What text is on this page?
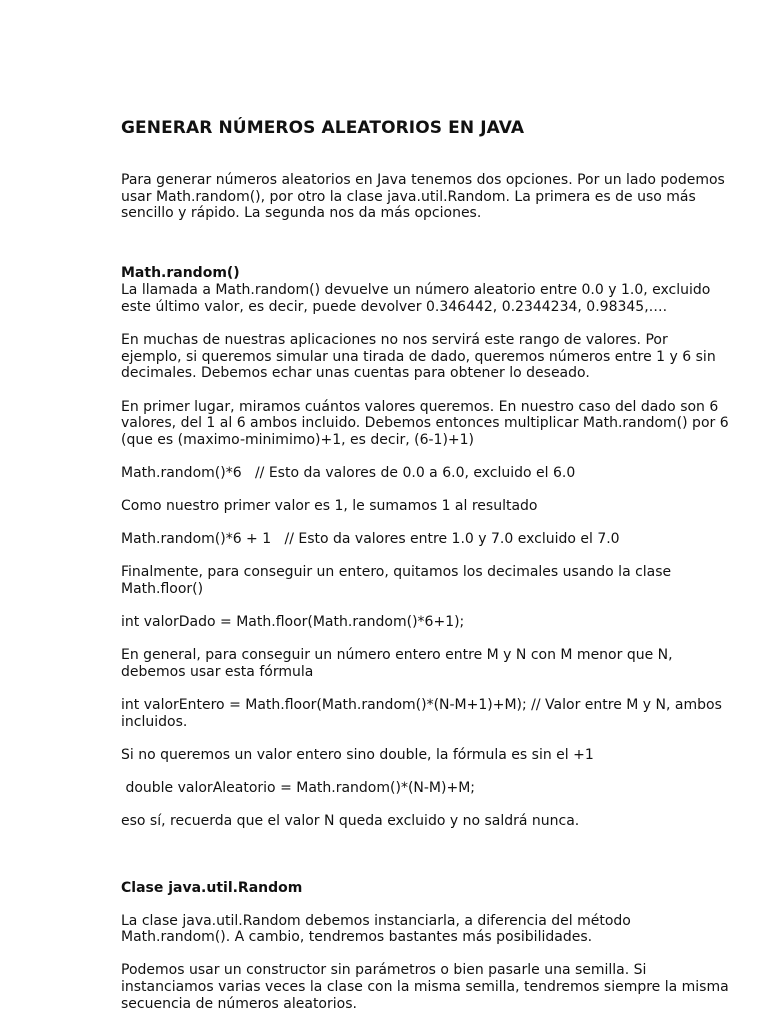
GENERAR NÚMEROS ALEATORIOS EN JAVA

Para generar números aleatorios en Java tenemos dos opciones. Por un lado podemos usar Math.random(), por otro la clase java.util.Random. La primera es de uso más sencillo y rápido. La segunda nos da más opciones.

Math.random()

La llamada a Math.random() devuelve un número aleatorio entre 0.0 y 1.0, excluido este último valor, es decir, puede devolver 0.346442, 0.2344234, 0.98345,….

En muchas de nuestras aplicaciones no nos servirá este rango de valores. Por ejemplo, si queremos simular una tirada de dado, queremos números entre 1 y 6 sin decimales. Debemos echar unas cuentas para obtener lo deseado.

En primer lugar, miramos cuántos valores queremos. En nuestro caso del dado son 6 valores, del 1 al 6 ambos incluido. Debemos entonces multiplicar Math.random() por 6 (que es (maximo-minimimo)+1, es decir, (6-1)+1)

Math.random()*6   // Esto da valores de 0.0 a 6.0, excluido el 6.0

Como nuestro primer valor es 1, le sumamos 1 al resultado

Math.random()*6 + 1   // Esto da valores entre 1.0 y 7.0 excluido el 7.0

Finalmente, para conseguir un entero, quitamos los decimales usando la clase Math.floor()

int valorDado = Math.floor(Math.random()*6+1);

En general, para conseguir un número entero entre M y N con M menor que N, debemos usar esta fórmula

int valorEntero = Math.floor(Math.random()*(N-M+1)+M); // Valor entre M y N, ambos incluidos.

Si no queremos un valor entero sino double, la fórmula es sin el +1

double valorAleatorio = Math.random()*(N-M)+M;

eso sí, recuerda que el valor N queda excluido y no saldrá nunca.

Clase java.util.Random

La clase java.util.Random debemos instanciarla, a diferencia del método Math.random(). A cambio, tendremos bastantes más posibilidades.

Podemos usar un constructor sin parámetros o bien pasarle una semilla. Si instanciamos varias veces la clase con la misma semilla, tendremos siempre la misma secuencia de números aleatorios.
